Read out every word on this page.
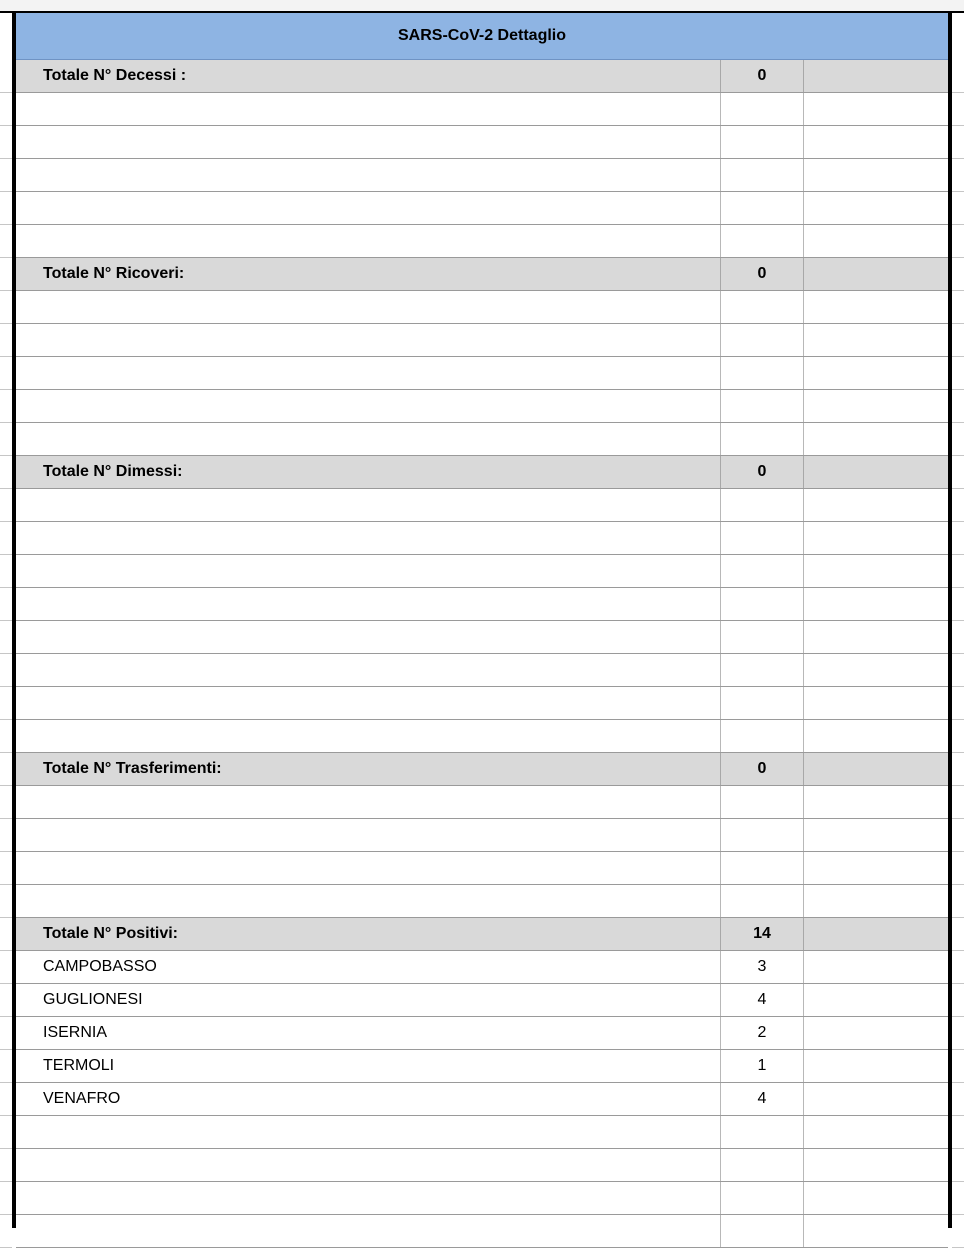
SARS-CoV-2 Dettaglio
Totale N° Decessi :	0
Totale N° Ricoveri:	0
Totale N° Dimessi:	0
Totale N° Trasferimenti:	0
Totale N° Positivi:	14
CAMPOBASSO	3
GUGLIONESI	4
ISERNIA	2
TERMOLI	1
VENAFRO	4
